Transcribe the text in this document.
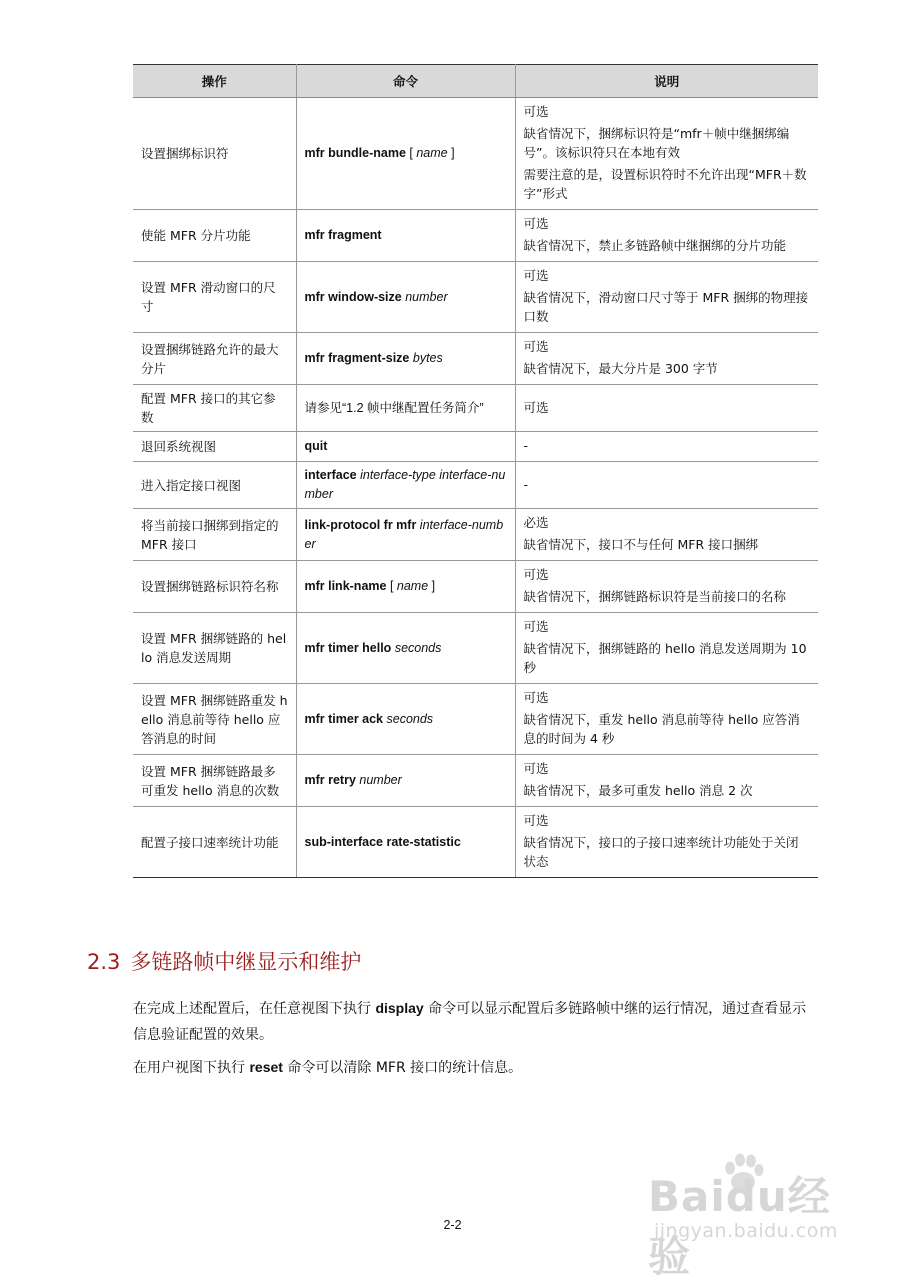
操作	命令	说明
设置捆绑标识符	mfr bundle-name [ name ]	可选
缺省情况下，捆绑标识符是“mfr＋帧中继捆绑编号”。该标识符只在本地有效
需要注意的是，设置标识符时不允许出现“MFR＋数字”形式

使能 MFR 分片功能	mfr fragment	可选
缺省情况下，禁止多链路帧中继捆绑的分片功能

设置 MFR 滑动窗口的尺寸	mfr window-size number	可选
缺省情况下，滑动窗口尺寸等于 MFR 捆绑的物理接口数

设置捆绑链路允许的最大分片	mfr fragment-size bytes	可选
缺省情况下，最大分片是 300 字节

配置 MFR 接口的其它参数	请参见“1.2 帧中继配置任务简介”	可选

退回系统视图	quit	-

进入指定接口视图	interface interface-type interface-number	-

将当前接口捆绑到指定的 MFR 接口	link-protocol fr mfr interface-number	必选
缺省情况下，接口不与任何 MFR 接口捆绑

设置捆绑链路标识符名称	mfr link-name [ name ]	可选
缺省情况下，捆绑链路标识符是当前接口的名称

设置 MFR 捆绑链路的 hello 消息发送周期	mfr timer hello seconds	可选
缺省情况下，捆绑链路的 hello 消息发送周期为 10 秒

设置 MFR 捆绑链路重发 hello 消息前等待 hello 应答消息的时间	mfr timer ack seconds	可选
缺省情况下，重发 hello 消息前等待 hello 应答消息的时间为 4 秒

设置 MFR 捆绑链路最多可重发 hello 消息的次数	mfr retry number	可选
缺省情况下，最多可重发 hello 消息 2 次

配置子接口速率统计功能	sub-interface rate-statistic	可选
缺省情况下，接口的子接口速率统计功能处于关闭状态
2.3 多链路帧中继显示和维护

在完成上述配置后，在任意视图下执行 display 命令可以显示配置后多链路帧中继的运行情况，通过查看显示信息验证配置的效果。

在用户视图下执行 reset 命令可以清除 MFR 接口的统计信息。

2-2
Baidu经验
jingyan.baidu.com
